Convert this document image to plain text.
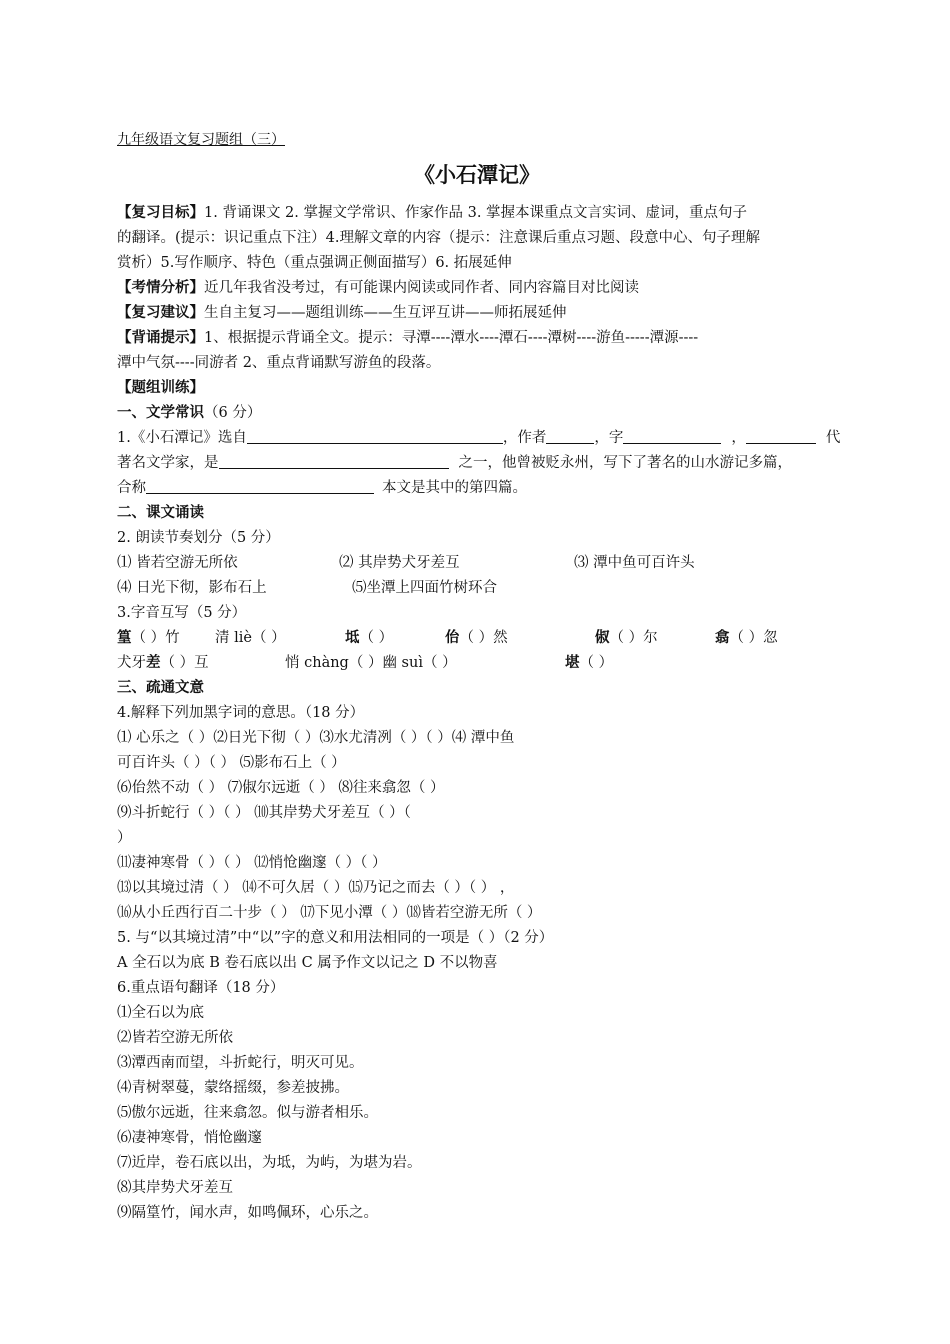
九年级语文复习题组（三）
《小石潭记》
【复习目标】1. 背诵课文 2. 掌握文学常识、作家作品 3. 掌握本课重点文言实词、虚词，重点句子
的翻译。(提示：识记重点下注）4.理解文章的内容（提示：注意课后重点习题、段意中心、句子理解
赏析）5.写作顺序、特色（重点强调正侧面描写）6. 拓展延伸
【考情分析】近几年我省没考过，有可能课内阅读或同作者、同内容篇目对比阅读
【复习建议】生自主复习——题组训练——生互评互讲——师拓展延伸
【背诵提示】1、根据提示背诵全文。提示：寻潭----潭水----潭石----潭树----游鱼-----潭源----
潭中气氛----同游者 2、重点背诵默写游鱼的段落。
【题组训练】
一、文学常识（6 分）
1.《小石潭记》选自	，作者	，字	，	代
著名文学家，是	之一，他曾被贬永州，写下了著名的山水游记多篇，
合称	本文是其中的第四篇。
二、课文诵读
2. 朗读节奏划分（5 分）
⑴ 皆若空游无所依	⑵ 其岸势犬牙差互	⑶ 潭中鱼可百许头
⑷ 日光下彻，影布石上	⑸坐潭上四面竹树环合
3.字音互写（5 分）
篁（ ）竹 清 liè（ ）	坻（ ）	佁（ ）然	俶（ ）尔	翕（ ）忽
犬牙差（ ）互	悄 chàng（ ）幽 suì（ ）	堪（ ）
三、疏通文意
4.解释下列加黑字词的意思。（18 分）
⑴ 心乐之（ ）⑵日光下彻（ ）⑶水尤清冽（ ）（ ）⑷ 潭中鱼
可百许头（ ）（ ） ⑸影布石上（ ）
⑹佁然不动（ ） ⑺俶尔远逝（ ） ⑻往来翕忽（ ）
⑼斗折蛇行（ ）（ ） ⑽其岸势犬牙差互（ ）（
）
⑾凄神寒骨（ ）（ ） ⑿悄怆幽邃（ ）（ ）
⒀以其境过清（ ） ⒁不可久居（ ）⒂乃记之而去（ ）（ ） ，
⒃从小丘西行百二十步（ ） ⒄下见小潭（ ）⒅皆若空游无所（ ）
5. 与“以其境过清”中“以”字的意义和用法相同的一项是（ ）（2 分）
A 全石以为底 B 卷石底以出 C 属予作文以记之 D 不以物喜
6.重点语句翻译（18 分）
⑴全石以为底
⑵皆若空游无所依
⑶潭西南而望，斗折蛇行，明灭可见。
⑷青树翠蔓，蒙络摇缀，参差披拂。
⑸傲尔远逝，往来翕忽。似与游者相乐。
⑹凄神寒骨，悄怆幽邃
⑺近岸，卷石底以出，为坻，为屿，为堪为岩。
⑻其岸势犬牙差互
⑼隔篁竹，闻水声，如鸣佩环，心乐之。
